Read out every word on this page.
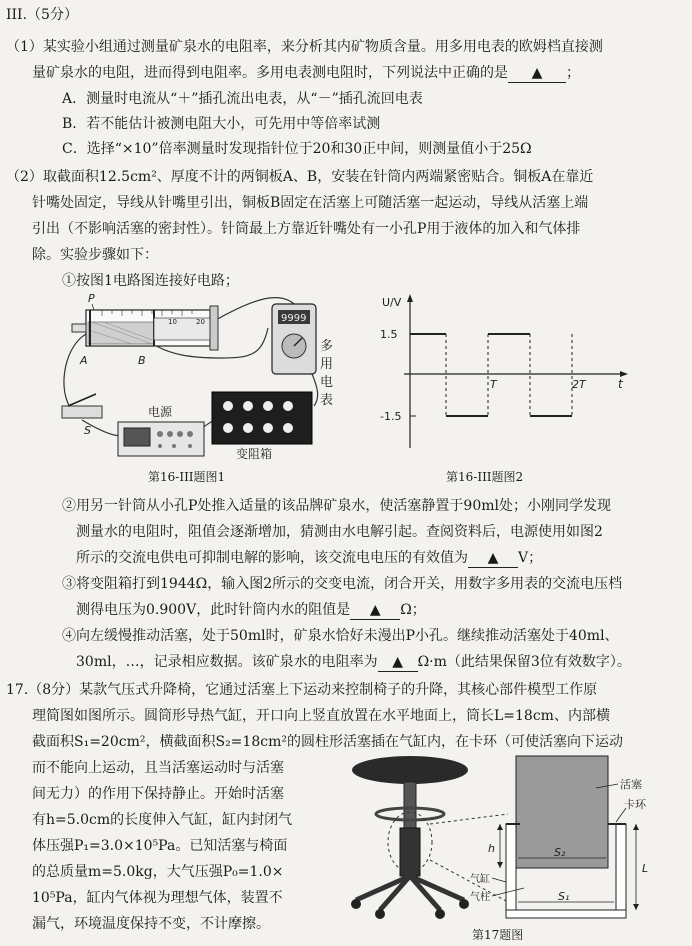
III.（5分）
（1）某实验小组通过测量矿泉水的电阻率，来分析其内矿物质含量。用多用电表的欧姆档直接测
量矿泉水的电阻，进而得到电阻率。多用电表测电阻时，下列说法中正确的是 ▲ ；
A．测量时电流从“＋”插孔流出电表，从“－”插孔流回电表
B．若不能估计被测电阻大小，可先用中等倍率试测
C．选择“×10”倍率测量时发现指针位于20和30正中间，则测量值小于25Ω
（2）取截面积12.5cm²、厚度不计的两铜板A、B，安装在针筒内两端紧密贴合。铜板A在靠近
针嘴处固定，导线从针嘴里引出，铜板B固定在活塞上可随活塞一起运动，导线从活塞上端
引出（不影响活塞的密封性）。针筒最上方靠近针嘴处有一小孔P用于液体的加入和气体排
除。实验步骤如下：
①按图1电路图连接好电路；
10	20
P
A	B
S
电源
9999
多
用
电
表
变阻箱
第16-III题图1
U/V
t
1.5
-1.5
T	2T
第16-III题图2
②用另一针筒从小孔P处推入适量的该品牌矿泉水，使活塞静置于90ml处；小刚同学发现
测量水的电阻时，阻值会逐渐增加，猜测由水电解引起。查阅资料后，电源使用如图2
所示的交流电供电可抑制电解的影响，该交流电电压的有效值为 ▲ V；
③将变阻箱打到1944Ω，输入图2所示的交变电流，闭合开关，用数字多用表的交流电压档
测得电压为0.900V，此时针筒内水的阻值是 ▲ Ω；
④向左缓慢推动活塞，处于50ml时，矿泉水恰好未漫出P小孔。继续推动活塞处于40ml、
30ml，…，记录相应数据。该矿泉水的电阻率为 ▲ Ω·m（此结果保留3位有效数字）。
17.（8分）某款气压式升降椅，它通过活塞上下运动来控制椅子的升降，其核心部件模型工作原
理简图如图所示。圆筒形导热气缸，开口向上竖直放置在水平地面上，筒长L=18cm、内部横
截面积S₁=20cm²，横截面积S₂=18cm²的圆柱形活塞插在气缸内，在卡环（可使活塞向下运动
而不能向上运动，且当活塞运动时与活塞
间无力）的作用下保持静止。开始时活塞
有h=5.0cm的长度伸入气缸，缸内封闭气
体压强P₁=3.0×10⁵Pa。已知活塞与椅面
的总质量m=5.0kg，大气压强P₀=1.0×
10⁵Pa，缸内气体视为理想气体，装置不
漏气，环境温度保持不变，不计摩擦。
h	S₂
S₁
L
活塞
卡环
气缸
气柱
第17题图
